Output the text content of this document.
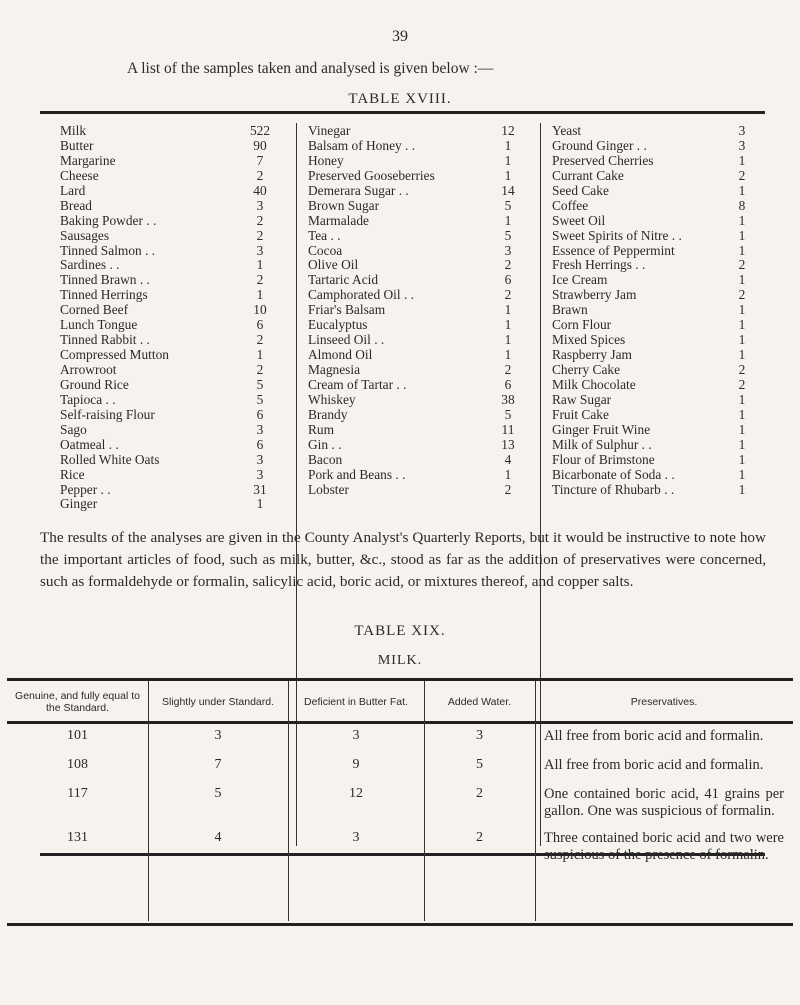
39
A list of the samples taken and analysed is given below :—
TABLE XVIII.
Milk	522
Butter	90
Margarine	7
Cheese	2
Lard	40
Bread	3
Baking Powder . .	2
Sausages	2
Tinned Salmon . .	3
Sardines . .	1
Tinned Brawn . .	2
Tinned Herrings	1
Corned Beef	10
Lunch Tongue	6
Tinned Rabbit . .	2
Compressed Mutton	1
Arrowroot	2
Ground Rice	5
Tapioca . .	5
Self-raising Flour	6
Sago	3
Oatmeal . .	6
Rolled White Oats	3
Rice	3
Pepper . .	31
Ginger	1
Vinegar	12
Balsam of Honey . .	1
Honey	1
Preserved Gooseberries	1
Demerara Sugar . .	14
Brown Sugar	5
Marmalade	1
Tea . .	5
Cocoa	3
Olive Oil	2
Tartaric Acid	6
Camphorated Oil . .	2
Friar's Balsam	1
Eucalyptus	1
Linseed Oil . .	1
Almond Oil	1
Magnesia	2
Cream of Tartar . .	6
Whiskey	38
Brandy	5
Rum	11
Gin . .	13
Bacon	4
Pork and Beans . .	1
Lobster	2
Yeast	3
Ground Ginger . .	3
Preserved Cherries	1
Currant Cake	2
Seed Cake	1
Coffee	8
Sweet Oil	1
Sweet Spirits of Nitre . .	1
Essence of Peppermint	1
Fresh Herrings . .	2
Ice Cream	1
Strawberry Jam	2
Brawn	1
Corn Flour	1
Mixed Spices	1
Raspberry Jam	1
Cherry Cake	2
Milk Chocolate	2
Raw Sugar	1
Fruit Cake	1
Ginger Fruit Wine	1
Milk of Sulphur . .	1
Flour of Brimstone	1
Bicarbonate of Soda . .	1
Tincture of Rhubarb . .	1
The results of the analyses are given in the County Analyst's Quarterly Reports, but it would be instructive to note how the important articles of food, such as milk, butter, &c., stood as far as the addition of preservatives were concerned, such as formaldehyde or formalin, salicylic acid, boric acid, or mixtures thereof, and copper salts.
TABLE XIX.
MILK.
Genuine, and fully equal to the Standard.	Slightly under Standard.	Deficient in Butter Fat.	Added Water.	Preservatives.
101	3	3	3	All free from boric acid and formalin.
108	7	9	5	All free from boric acid and formalin.
117	5	12	2	One contained boric acid, 41 grains per gallon. One was suspicious of formalin.
131	4	3	2	Three contained boric acid and two were suspicious of the presence of formalin.
